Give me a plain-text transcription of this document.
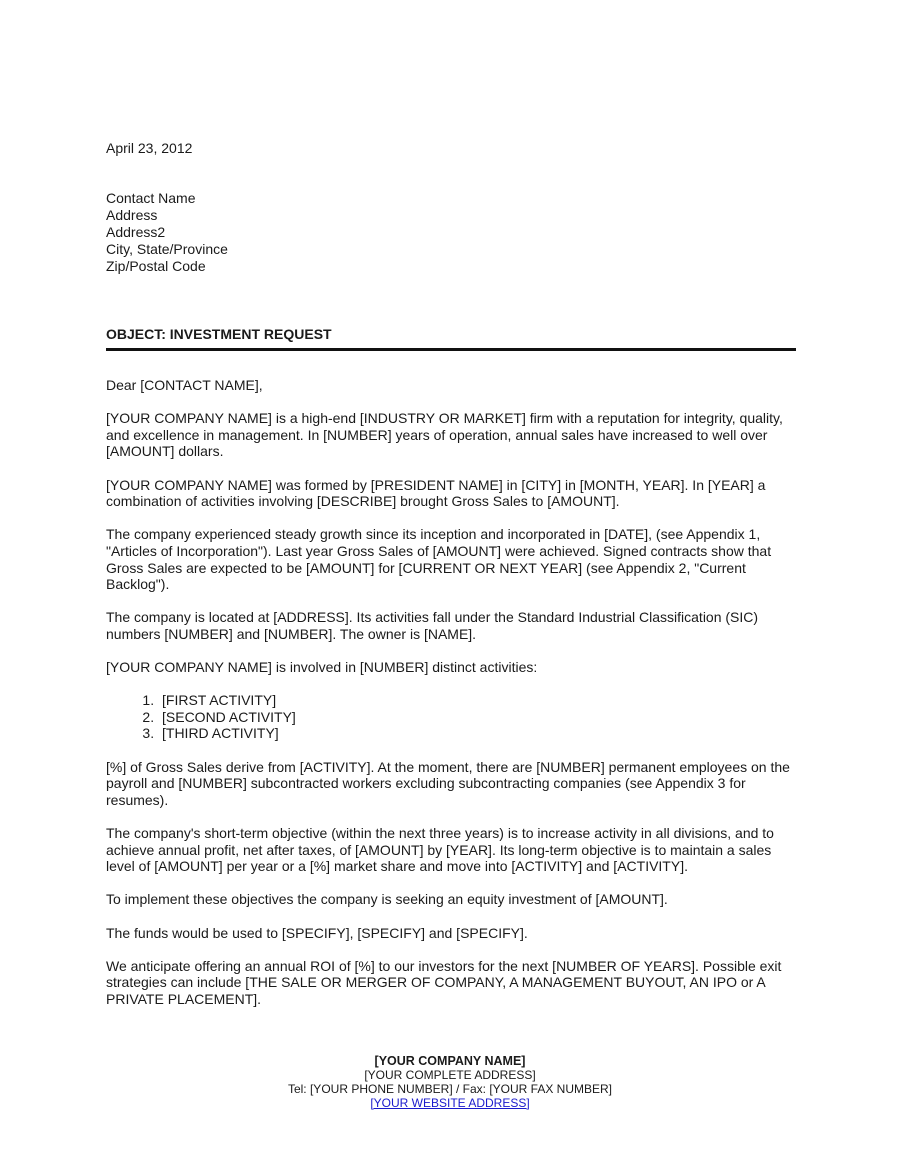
April 23, 2012
Contact Name
Address
Address2
City, State/Province
Zip/Postal Code
OBJECT: INVESTMENT REQUEST

Dear [CONTACT NAME],

[YOUR COMPANY NAME] is a high-end [INDUSTRY OR MARKET] firm with a reputation for integrity, quality, and excellence in management. In [NUMBER] years of operation, annual sales have increased to well over [AMOUNT] dollars.

[YOUR COMPANY NAME] was formed by [PRESIDENT NAME] in [CITY] in [MONTH, YEAR]. In [YEAR] a combination of activities involving [DESCRIBE] brought Gross Sales to [AMOUNT].

The company experienced steady growth since its inception and incorporated in [DATE], (see Appendix 1, "Articles of Incorporation"). Last year Gross Sales of [AMOUNT] were achieved. Signed contracts show that Gross Sales are expected to be [AMOUNT] for [CURRENT OR NEXT YEAR] (see Appendix 2, "Current Backlog").

The company is located at [ADDRESS]. Its activities fall under the Standard Industrial Classification (SIC) numbers [NUMBER] and [NUMBER]. The owner is [NAME].

[YOUR COMPANY NAME] is involved in [NUMBER] distinct activities:

1. [FIRST ACTIVITY]
2. [SECOND ACTIVITY]
3. [THIRD ACTIVITY]

[%] of Gross Sales derive from [ACTIVITY]. At the moment, there are [NUMBER] permanent employees on the payroll and [NUMBER] subcontracted workers excluding subcontracting companies (see Appendix 3 for resumes).

The company's short-term objective (within the next three years) is to increase activity in all divisions, and to achieve annual profit, net after taxes, of [AMOUNT] by [YEAR]. Its long-term objective is to maintain a sales level of [AMOUNT] per year or a [%] market share and move into [ACTIVITY] and [ACTIVITY].

To implement these objectives the company is seeking an equity investment of [AMOUNT].

The funds would be used to [SPECIFY], [SPECIFY] and [SPECIFY].

We anticipate offering an annual ROI of [%] to our investors for the next [NUMBER OF YEARS]. Possible exit strategies can include [THE SALE OR MERGER OF COMPANY, A MANAGEMENT BUYOUT, AN IPO or A PRIVATE PLACEMENT].

[YOUR COMPANY NAME]
[YOUR COMPLETE ADDRESS]
Tel: [YOUR PHONE NUMBER] / Fax: [YOUR FAX NUMBER]
[YOUR WEBSITE ADDRESS]
